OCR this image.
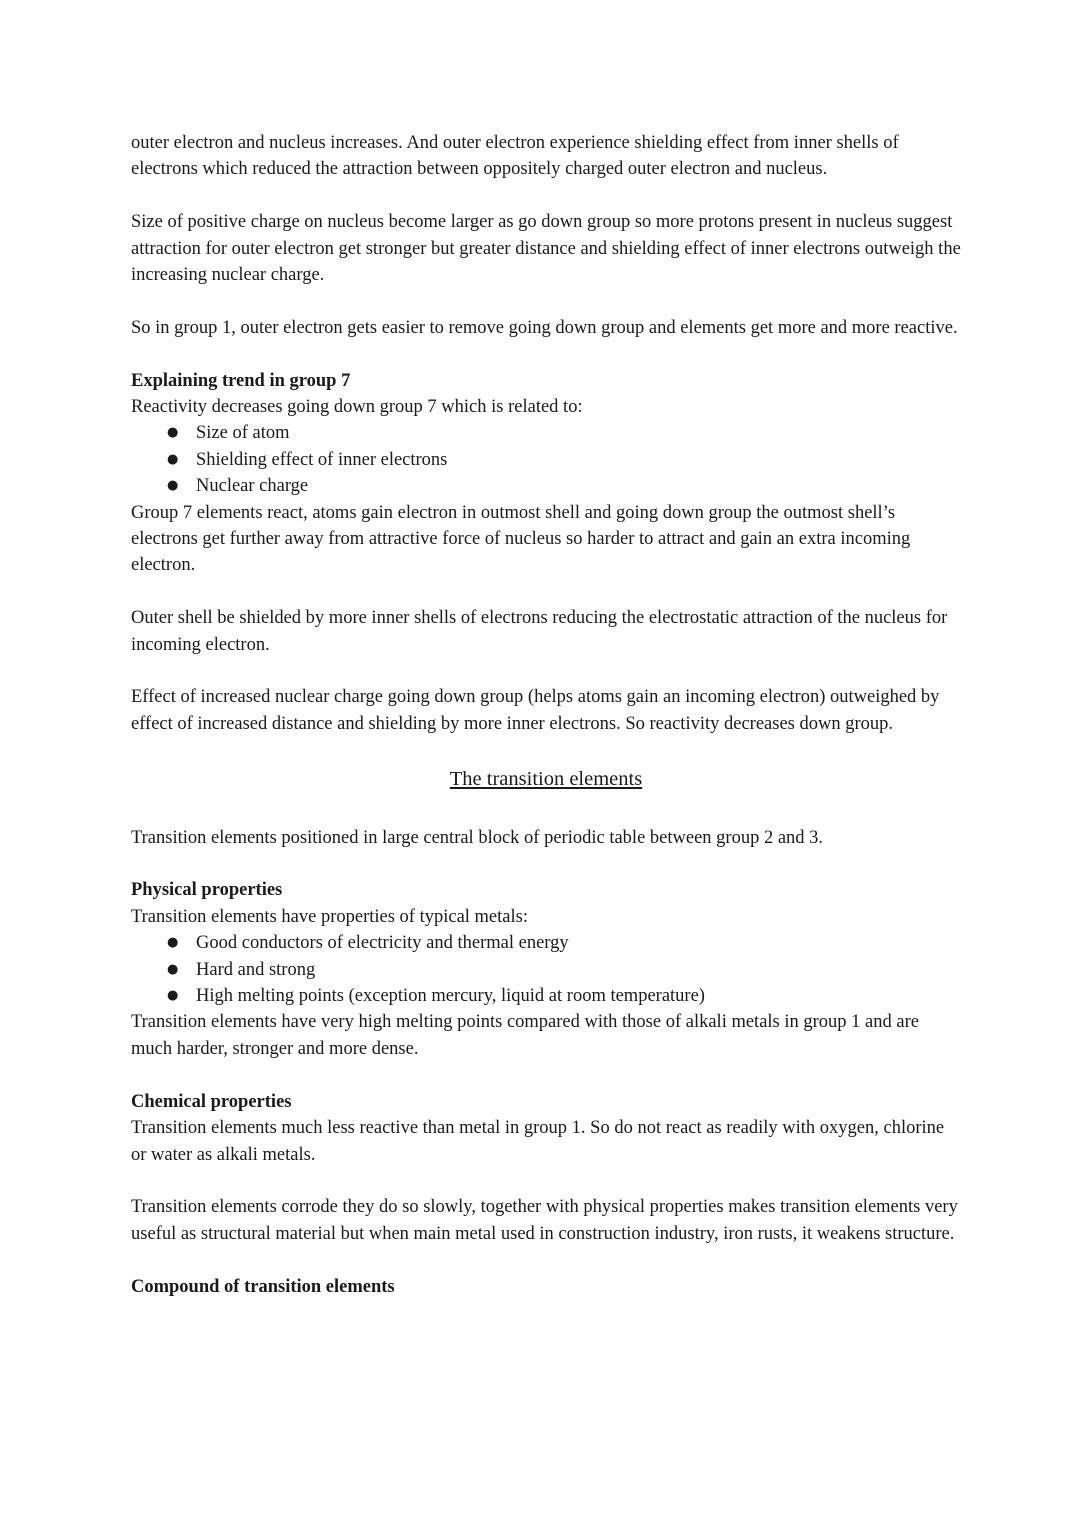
outer electron and nucleus increases. And outer electron experience shielding effect from inner shells of electrons which reduced the attraction between oppositely charged outer electron and nucleus.

Size of positive charge on nucleus become larger as go down group so more protons present in nucleus suggest attraction for outer electron get stronger but greater distance and shielding effect of inner electrons outweigh the increasing nuclear charge.

So in group 1, outer electron gets easier to remove going down group and elements get more and more reactive.

Explaining trend in group 7

Reactivity decreases going down group 7 which is related to:

● Size of atom
● Shielding effect of inner electrons
● Nuclear charge

Group 7 elements react, atoms gain electron in outmost shell and going down group the outmost shell’s electrons get further away from attractive force of nucleus so harder to attract and gain an extra incoming electron.

Outer shell be shielded by more inner shells of electrons reducing the electrostatic attraction of the nucleus for incoming electron.

Effect of increased nuclear charge going down group (helps atoms gain an incoming electron) outweighed by effect of increased distance and shielding by more inner electrons. So reactivity decreases down group.

The transition elements

Transition elements positioned in large central block of periodic table between group 2 and 3.

Physical properties

Transition elements have properties of typical metals:

● Good conductors of electricity and thermal energy
● Hard and strong
● High melting points (exception mercury, liquid at room temperature)

Transition elements have very high melting points compared with those of alkali metals in group 1 and are much harder, stronger and more dense.

Chemical properties

Transition elements much less reactive than metal in group 1. So do not react as readily with oxygen, chlorine or water as alkali metals.

Transition elements corrode they do so slowly, together with physical properties makes transition elements very useful as structural material but when main metal used in construction industry, iron rusts, it weakens structure.

Compound of transition elements
